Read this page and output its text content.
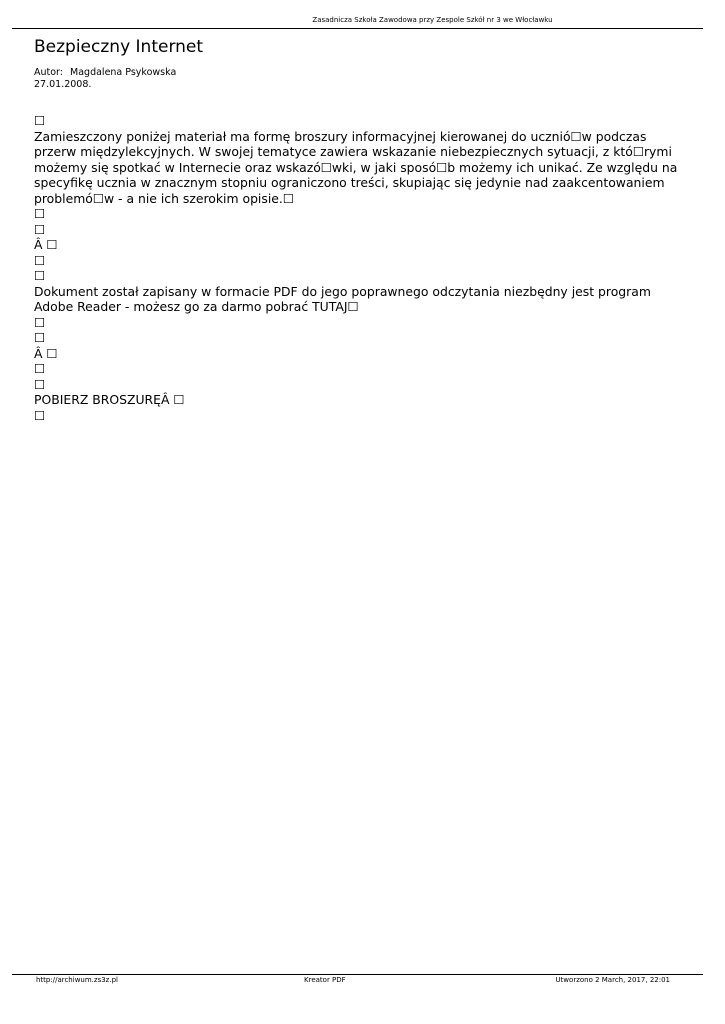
Zasadnicza Szkoła Zawodowa przy Zespole Szkół nr 3 we Włocławku
Bezpieczny Internet
Autor: Magdalena Psykowska
27.01.2008.
☐
Zamieszczony poniżej materiał ma formę broszury informacyjnej kierowanej do ucznió☐w podczas przerw międzylekcyjnych. W swojej tematyce zawiera wskazanie niebezpiecznych sytuacji, z któ☐rymi możemy się spotkać w Internecie oraz wskazó☐wki, w jaki sposó☐b możemy ich unikać. Ze względu na specyfikę ucznia w znacznym stopniu ograniczono treści, skupiając się jedynie nad zaakcentowaniem problemó☐w - a nie ich szerokim opisie.☐
☐
☐
Â ☐
☐
☐
Dokument został zapisany w formacie PDF do jego poprawnego odczytania niezbędny jest program Adobe Reader - możesz go za darmo pobrać TUTAJ☐
☐
☐
Â ☐
☐
☐
POBIERZ BROSZURĘÂ ☐
☐
http://archiwum.zs3z.pl	Kreator PDF	Utworzono 2 March, 2017, 22:01
